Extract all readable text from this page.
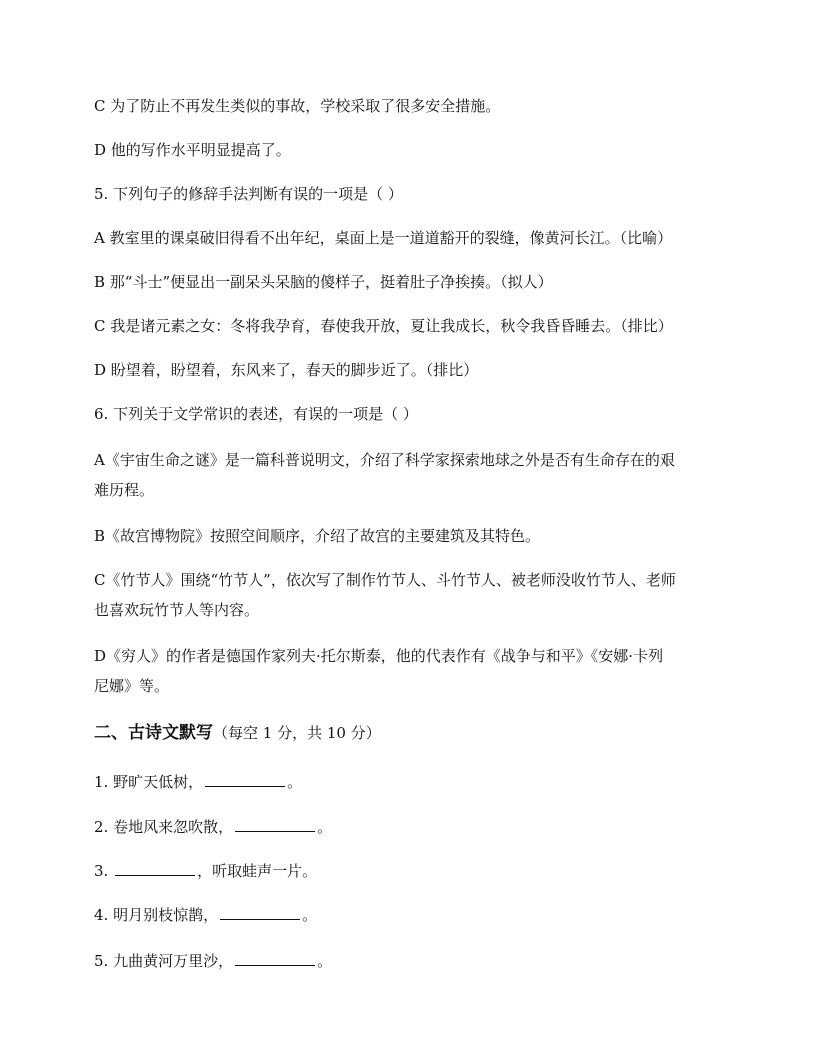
C 为了防止不再发生类似的事故，学校采取了很多安全措施。
D 他的写作水平明显提高了。
5. 下列句子的修辞手法判断有误的一项是（ ）
A 教室里的课桌破旧得看不出年纪，桌面上是一道道豁开的裂缝，像黄河长江。（比喻）
B 那“斗士”便显出一副呆头呆脑的傻样子，挺着肚子净挨揍。（拟人）
C 我是诸元素之女：冬将我孕育，春使我开放，夏让我成长，秋令我昏昏睡去。（排比）
D 盼望着，盼望着，东风来了，春天的脚步近了。（排比）
6. 下列关于文学常识的表述，有误的一项是（ ）
A《宇宙生命之谜》是一篇科普说明文，介绍了科学家探索地球之外是否有生命存在的艰
难历程。
B《故宫博物院》按照空间顺序，介绍了故宫的主要建筑及其特色。
C《竹节人》围绕“竹节人”，依次写了制作竹节人、斗竹节人、被老师没收竹节人、老师
也喜欢玩竹节人等内容。
D《穷人》的作者是德国作家列夫·托尔斯泰，他的代表作有《战争与和平》《安娜·卡列
尼娜》等。
二、古诗文默写（每空 1 分，共 10 分）
1. 野旷天低树，	。
2. 卷地风来忽吹散，	。
3.	，听取蛙声一片。
4. 明月别枝惊鹊，	。
5. 九曲黄河万里沙，	。
